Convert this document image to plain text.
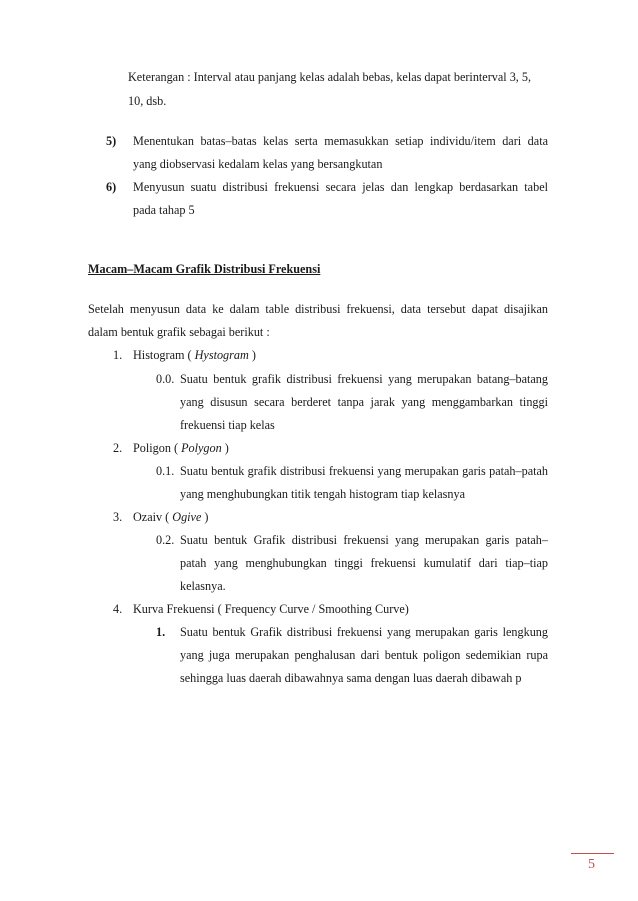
Keterangan : Interval atau panjang kelas adalah bebas, kelas dapat berinterval 3, 5,
10, dsb.
5) Menentukan batas–batas kelas serta memasukkan setiap individu/item dari data
yang diobservasi kedalam kelas yang bersangkutan
6) Menyusun suatu distribusi frekuensi secara jelas dan lengkap berdasarkan tabel
pada tahap 5
Macam–Macam Grafik Distribusi Frekuensi
Setelah menyusun data ke dalam table distribusi frekuensi, data tersebut dapat disajikan
dalam bentuk grafik sebagai berikut :
1. Histogram ( Hystogram )
0.0. Suatu bentuk grafik distribusi frekuensi yang merupakan batang–batang
yang disusun secara berderet tanpa jarak yang menggambarkan tinggi
frekuensi tiap kelas
2. Poligon ( Polygon )
0.1. Suatu bentuk grafik distribusi frekuensi yang merupakan garis patah–patah
yang menghubungkan titik tengah histogram tiap kelasnya
3. Ozaiv ( Ogive )
0.2. Suatu bentuk Grafik distribusi frekuensi yang merupakan garis patah–
patah yang menghubungkan tinggi frekuensi kumulatif dari tiap–tiap
kelasnya.
4. Kurva Frekuensi ( Frequency Curve / Smoothing Curve)
1. Suatu bentuk Grafik distribusi frekuensi yang merupakan garis lengkung
yang juga merupakan penghalusan dari bentuk poligon sedemikian rupa
sehingga luas daerah dibawahnya sama dengan luas daerah dibawah p
5
